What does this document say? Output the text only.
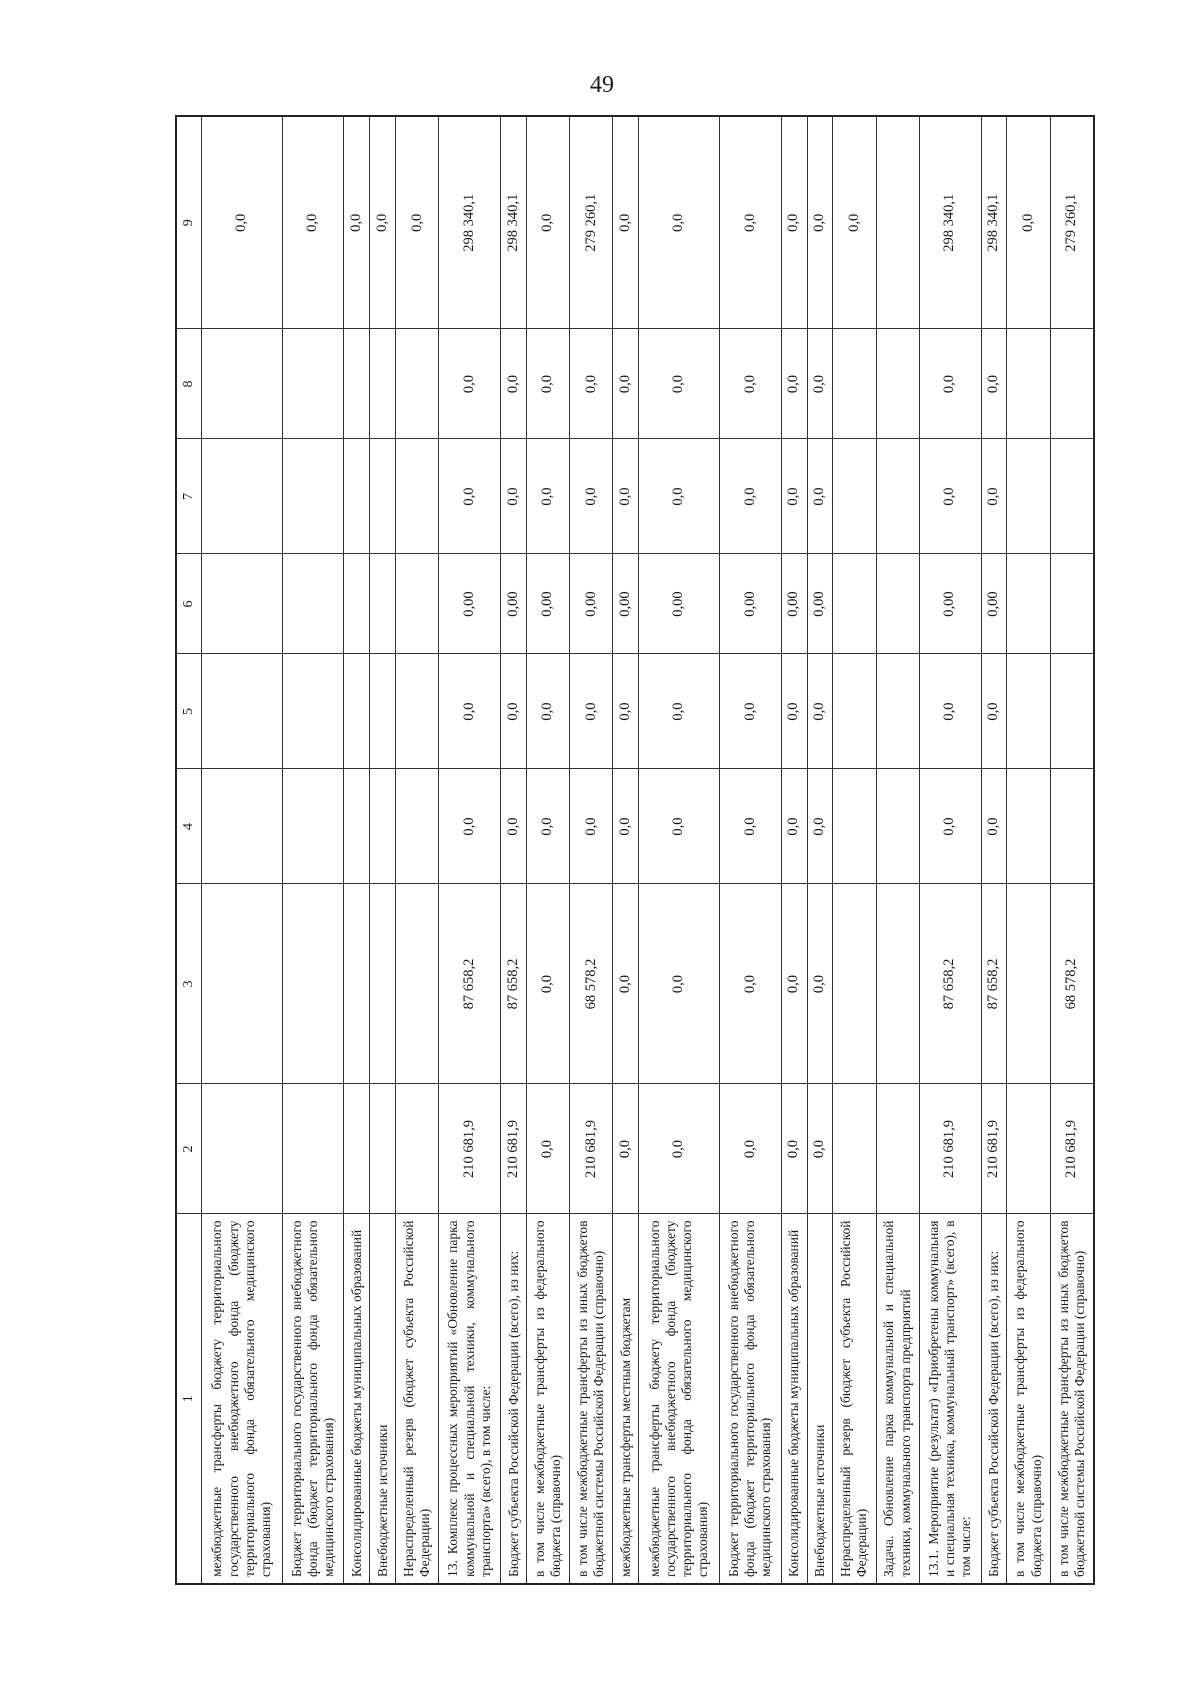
49
1	2	3	4	5	6	7	8	9
межбюджетные трансферты бюджету территориального государственного внебюджетного фонда (бюджету территориального фонда обязательного медицинского страхования)								0,0
Бюджет территориального государственного внебюджетного фонда (бюджет территориального фонда обязательного медицинского страхования)								0,0
Консолидированные бюджеты муниципальных образований								0,0
Внебюджетные источники								0,0
Нераспределенный резерв (бюджет субъекта Российской Федерации)								0,0
13. Комплекс процессных мероприятий «Обновление парка коммунальной и специальной техники, коммунального транспорта» (всего), в том числе:	210 681,9	87 658,2	0,0	0,0	0,00	0,0	0,0	298 340,1
Бюджет субъекта Российской Федерации (всего), из них:	210 681,9	87 658,2	0,0	0,0	0,00	0,0	0,0	298 340,1
в том числе межбюджетные трансферты из федерального бюджета (справочно)	0,0	0,0	0,0	0,0	0,00	0,0	0,0	0,0
в том числе межбюджетные трансферты из иных бюджетов бюджетной системы Российской Федерации (справочно)	210 681,9	68 578,2	0,0	0,0	0,00	0,0	0,0	279 260,1
межбюджетные трансферты местным бюджетам	0,0	0,0	0,0	0,0	0,00	0,0	0,0	0,0
межбюджетные трансферты бюджету территориального государственного внебюджетного фонда (бюджету территориального фонда обязательного медицинского страхования)	0,0	0,0	0,0	0,0	0,00	0,0	0,0	0,0
Бюджет территориального государственного внебюджетного фонда (бюджет территориального фонда обязательного медицинского страхования)	0,0	0,0	0,0	0,0	0,00	0,0	0,0	0,0
Консолидированные бюджеты муниципальных образований	0,0	0,0	0,0	0,0	0,00	0,0	0,0	0,0
Внебюджетные источники	0,0	0,0	0,0	0,0	0,00	0,0	0,0	0,0
Нераспределенный резерв (бюджет субъекта Российской Федерации)								0,0
Задача. Обновление парка коммунальной и специальной техники, коммунального транспорта предприятий								
13.1. Мероприятие (результат) «Приобретены коммунальная и специальная техника, коммунальный транспорт» (всего), в том числе:	210 681,9	87 658,2	0,0	0,0	0,00	0,0	0,0	298 340,1
Бюджет субъекта Российской Федерации (всего), из них:	210 681,9	87 658,2	0,0	0,0	0,00	0,0	0,0	298 340,1
в том числе межбюджетные трансферты из федерального бюджета (справочно)								0,0
в том числе межбюджетные трансферты из иных бюджетов бюджетной системы Российской Федерации (справочно)	210 681,9	68 578,2						279 260,1
